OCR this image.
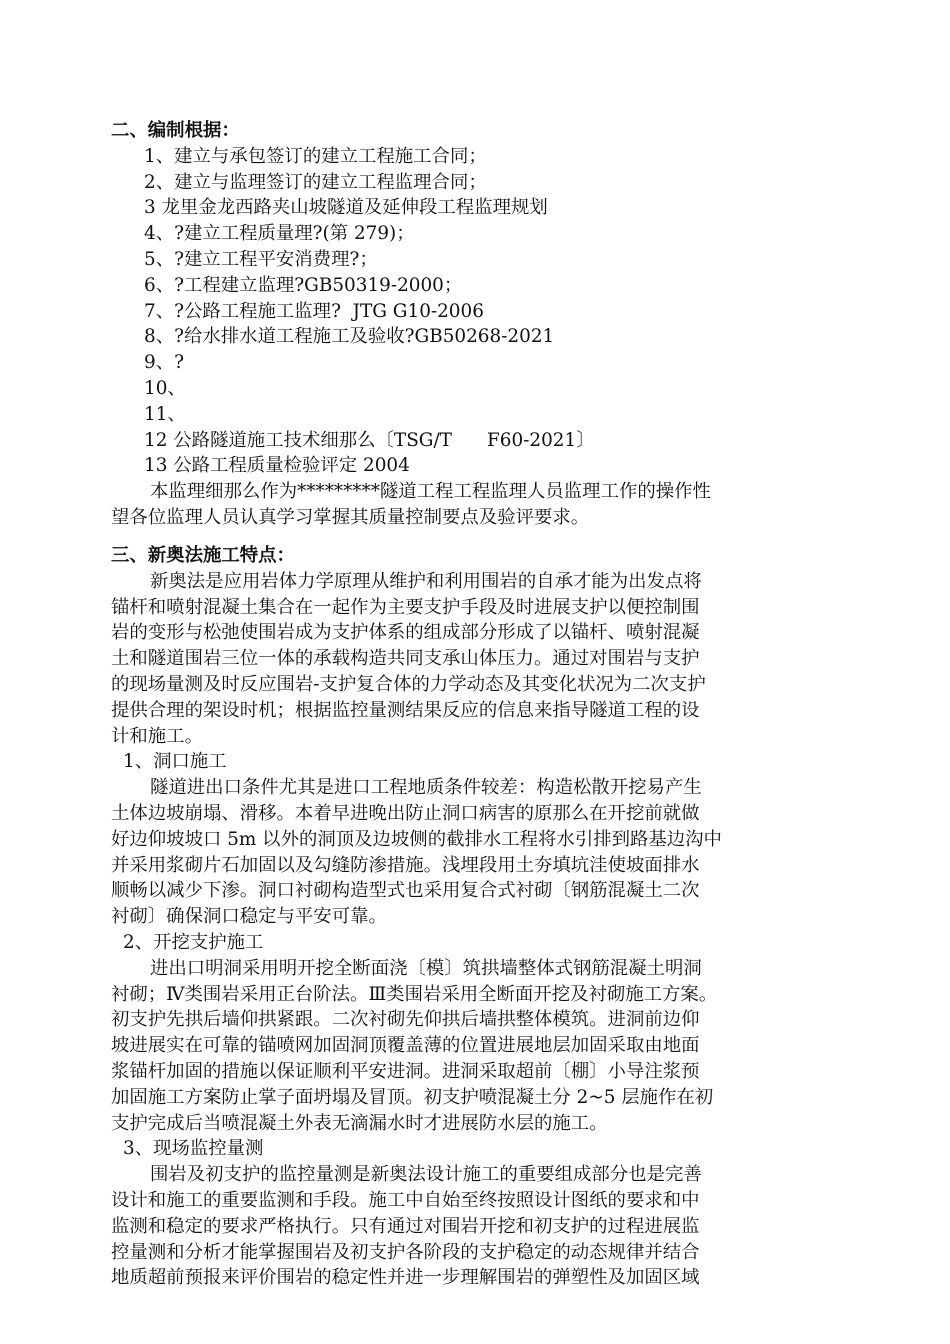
二、编制根据：
1、建立与承包签订的建立工程施工合同；
2、建立与监理签订的建立工程监理合同；
3 龙里金龙西路夹山坡隧道及延伸段工程监理规划
4、?建立工程质量理?(第 279)；
5、?建立工程平安消费理?；
6、?工程建立监理?GB50319-2000；
7、?公路工程施工监理?  JTG G10-2006
8、?给水排水道工程施工及验收?GB50268-2021
9、?
10、
11、
12 公路隧道施工技术细那么〔TSG/T      F60-2021〕
13 公路工程质量检验评定 2004
本监理细那么作为*********隧道工程工程监理人员监理工作的操作性
望各位监理人员认真学习掌握其质量控制要点及验评要求。
三、新奥法施工特点：
新奥法是应用岩体力学原理从维护和利用围岩的自承才能为出发点将
锚杆和喷射混凝土集合在一起作为主要支护手段及时进展支护以便控制围
岩的变形与松弛使围岩成为支护体系的组成部分形成了以锚杆、喷射混凝
土和隧道围岩三位一体的承载构造共同支承山体压力。通过对围岩与支护
的现场量测及时反应围岩-支护复合体的力学动态及其变化状况为二次支护
提供合理的架设时机；根据监控量测结果反应的信息来指导隧道工程的设
计和施工。
1、洞口施工
隧道进出口条件尤其是进口工程地质条件较差：构造松散开挖易产生
土体边坡崩塌、滑移。本着早进晚出防止洞口病害的原那么在开挖前就做
好边仰坡坡口 5m 以外的洞顶及边坡侧的截排水工程将水引排到路基边沟中
并采用浆砌片石加固以及勾缝防渗措施。浅埋段用土夯填坑洼使坡面排水
顺畅以减少下渗。洞口衬砌构造型式也采用复合式衬砌〔钢筋混凝土二次
衬砌〕确保洞口稳定与平安可靠。
2、开挖支护施工
进出口明洞采用明开挖全断面浇〔模〕筑拱墙整体式钢筋混凝土明洞
衬砌；Ⅳ类围岩采用正台阶法。Ⅲ类围岩采用全断面开挖及衬砌施工方案。
初支护先拱后墙仰拱紧跟。二次衬砌先仰拱后墙拱整体模筑。进洞前边仰
坡进展实在可靠的锚喷网加固洞顶覆盖薄的位置进展地层加固采取由地面
浆锚杆加固的措施以保证顺利平安进洞。进洞采取超前〔棚〕小导注浆预
加固施工方案防止掌子面坍塌及冒顶。初支护喷混凝土分 2~5 层施作在初
支护完成后当喷混凝土外表无滴漏水时才进展防水层的施工。
3、现场监控量测
围岩及初支护的监控量测是新奥法设计施工的重要组成部分也是完善
设计和施工的重要监测和手段。施工中自始至终按照设计图纸的要求和中
监测和稳定的要求严格执行。只有通过对围岩开挖和初支护的过程进展监
控量测和分析才能掌握围岩及初支护各阶段的支护稳定的动态规律并结合
地质超前预报来评价围岩的稳定性并进一步理解围岩的弹塑性及加固区域
